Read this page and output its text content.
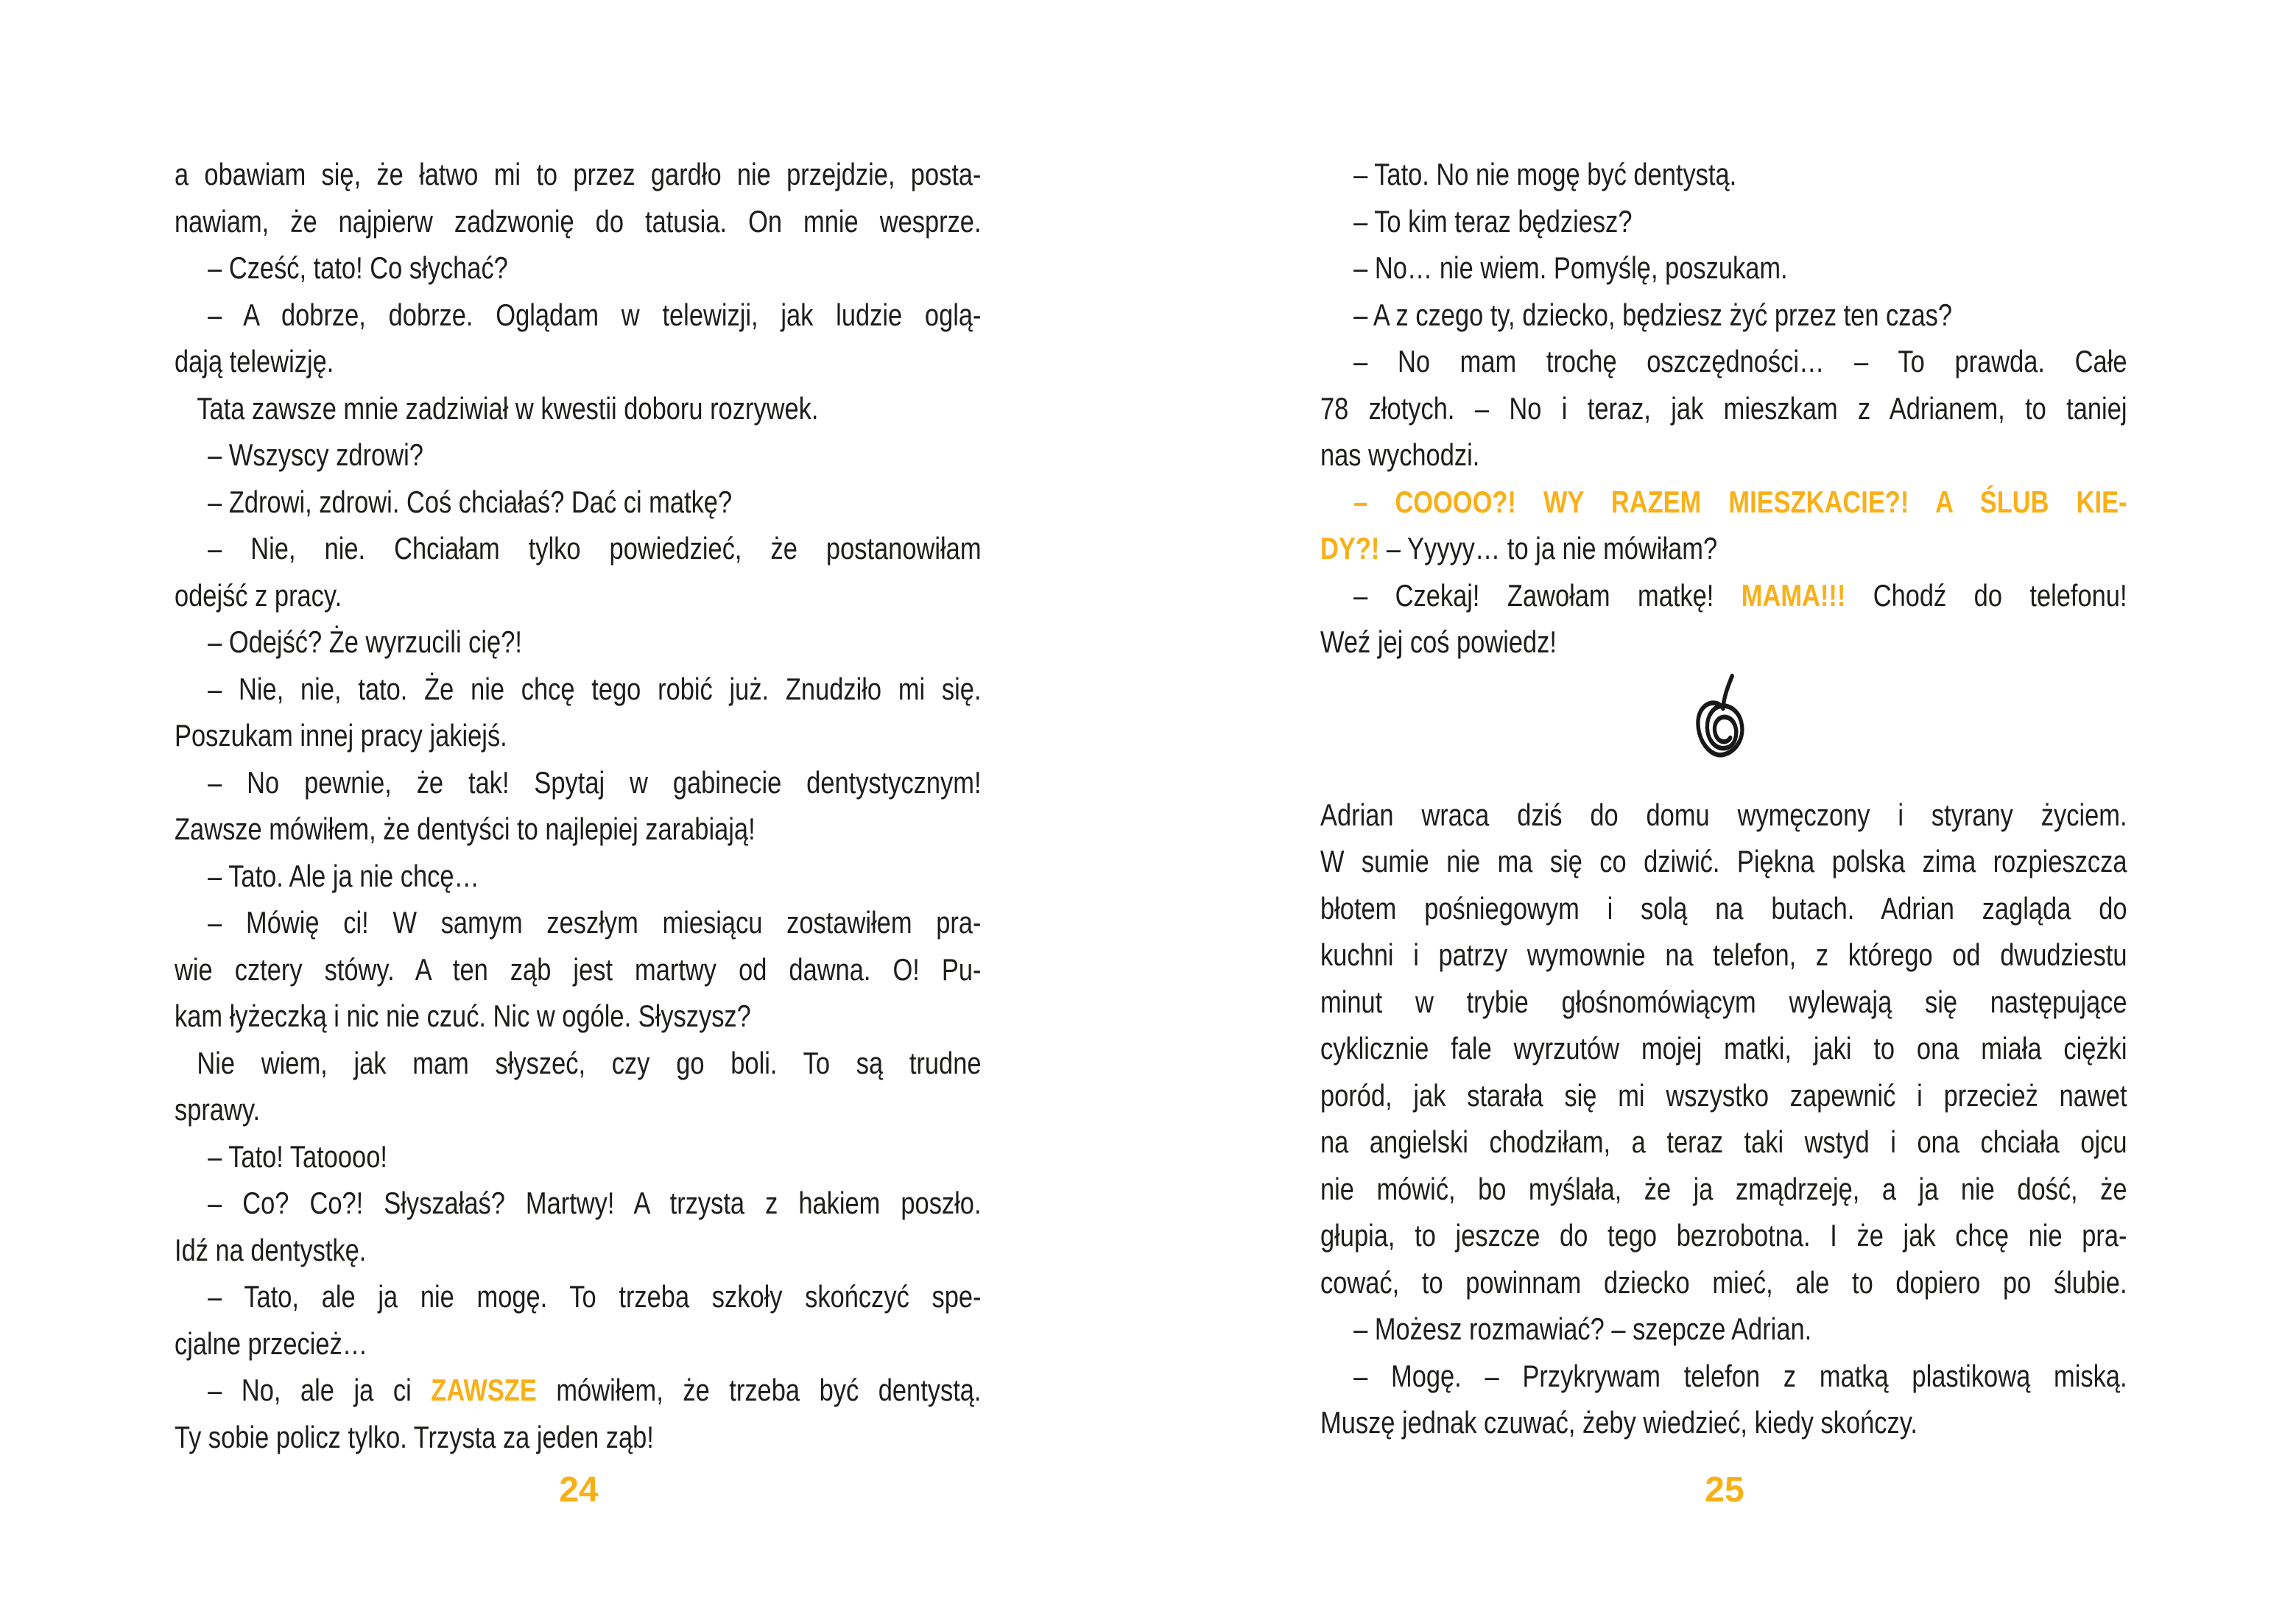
a obawiam się, że łatwo mi to przez gardło nie przejdzie, posta-
nawiam, że najpierw zadzwonię do tatusia. On mnie wesprze.
– Cześć, tato! Co słychać?
– A dobrze, dobrze. Oglądam w telewizji, jak ludzie oglą-
dają telewizję.
Tata zawsze mnie zadziwiał w kwestii doboru rozrywek.
– Wszyscy zdrowi?
– Zdrowi, zdrowi. Coś chciałaś? Dać ci matkę?
– Nie, nie. Chciałam tylko powiedzieć, że postanowiłam
odejść z pracy.
– Odejść? Że wyrzucili cię?!
– Nie, nie, tato. Że nie chcę tego robić już. Znudziło mi się.
Poszukam innej pracy jakiejś.
– No pewnie, że tak! Spytaj w gabinecie dentystycznym!
Zawsze mówiłem, że dentyści to najlepiej zarabiają!
– Tato. Ale ja nie chcę…
– Mówię ci! W samym zeszłym miesiącu zostawiłem pra-
wie cztery stówy. A ten ząb jest martwy od dawna. O! Pu-
kam łyżeczką i nic nie czuć. Nic w ogóle. Słyszysz?
Nie wiem, jak mam słyszeć, czy go boli. To są trudne
sprawy.
– Tato! Tatoooo!
– Co? Co?! Słyszałaś? Martwy! A trzysta z hakiem poszło.
Idź na dentystkę.
– Tato, ale ja nie mogę. To trzeba szkoły skończyć spe-
cjalne przecież…
– No, ale ja ci ZAWSZE mówiłem, że trzeba być dentystą.
Ty sobie policz tylko. Trzysta za jeden ząb!
24
– Tato. No nie mogę być dentystą.
– To kim teraz będziesz?
– No… nie wiem. Pomyślę, poszukam.
– A z czego ty, dziecko, będziesz żyć przez ten czas?
– No mam trochę oszczędności… – To prawda. Całe
78 złotych. – No i teraz, jak mieszkam z Adrianem, to taniej
nas wychodzi.
– COOOO?! WY RAZEM MIESZKACIE?! A ŚLUB KIE-
DY?! – Yyyyy… to ja nie mówiłam?
– Czekaj! Zawołam matkę! MAMA!!! Chodź do telefonu!
Weź jej coś powiedz!
Adrian wraca dziś do domu wymęczony i styrany życiem.
W sumie nie ma się co dziwić. Piękna polska zima rozpieszcza
błotem pośniegowym i solą na butach. Adrian zagląda do
kuchni i patrzy wymownie na telefon, z którego od dwudziestu
minut w trybie głośnomówiącym wylewają się następujące
cyklicznie fale wyrzutów mojej matki, jaki to ona miała ciężki
poród, jak starała się mi wszystko zapewnić i przecież nawet
na angielski chodziłam, a teraz taki wstyd i ona chciała ojcu
nie mówić, bo myślała, że ja zmądrzeję, a ja nie dość, że
głupia, to jeszcze do tego bezrobotna. I że jak chcę nie pra-
cować, to powinnam dziecko mieć, ale to dopiero po ślubie.
– Możesz rozmawiać? – szepcze Adrian.
– Mogę. – Przykrywam telefon z matką plastikową miską.
Muszę jednak czuwać, żeby wiedzieć, kiedy skończy.
25
